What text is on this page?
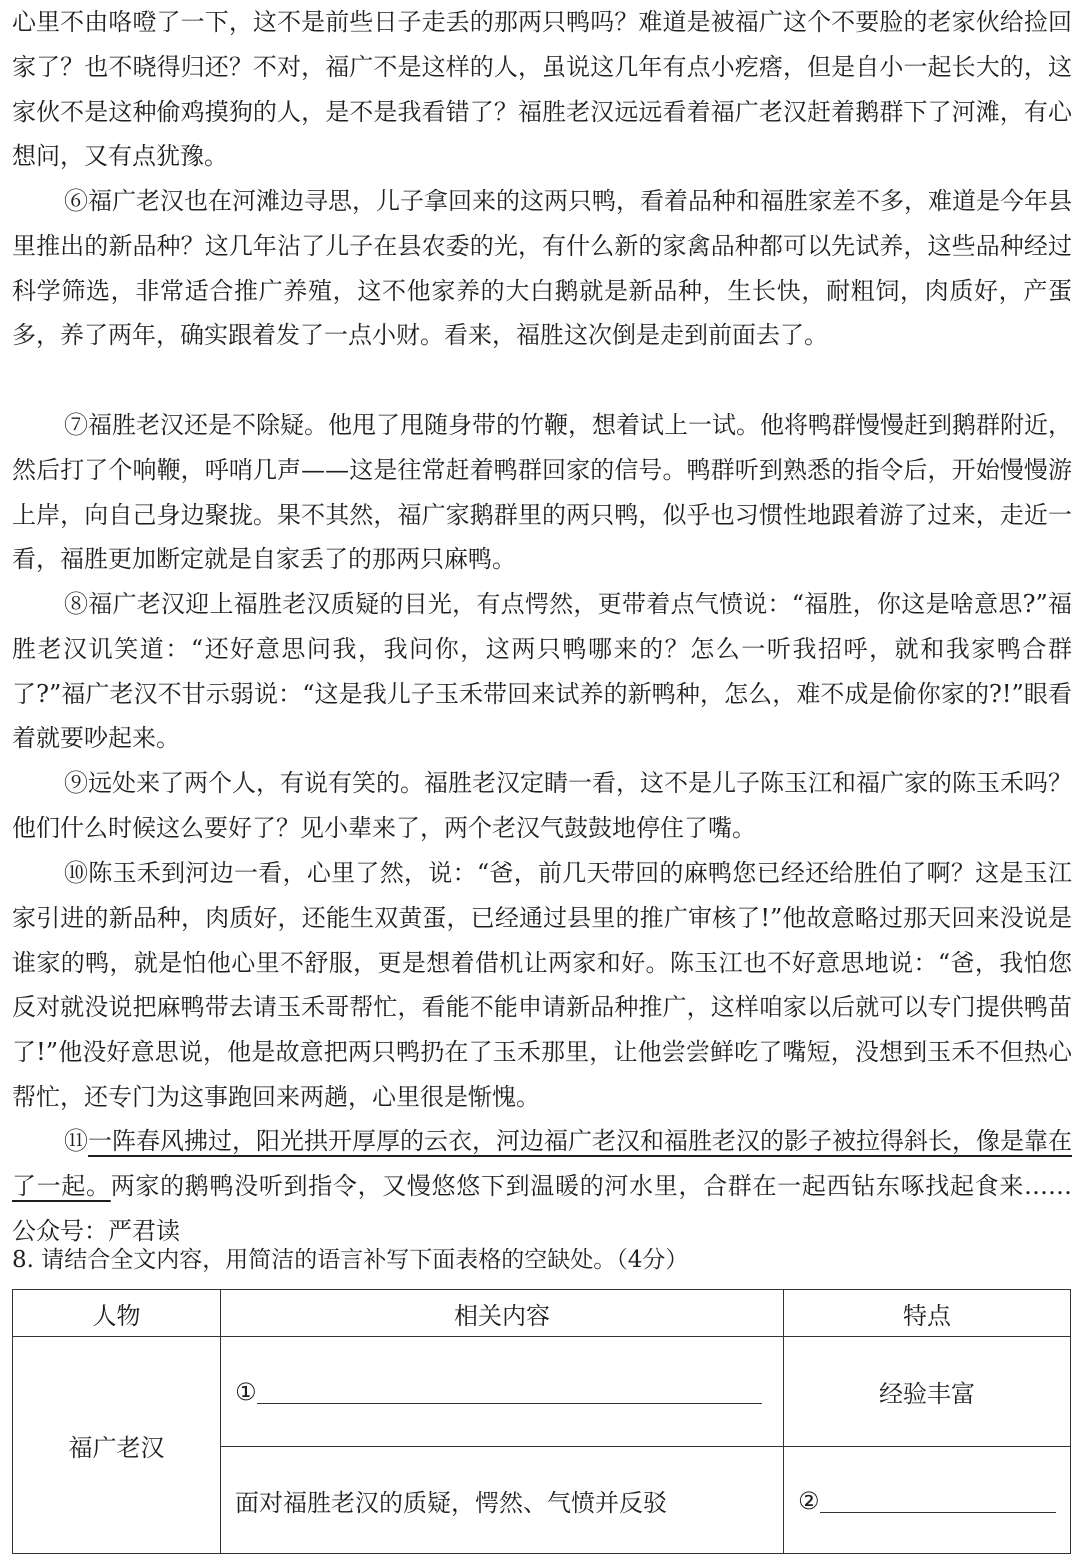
心里不由咯噔了一下，这不是前些日子走丢的那两只鸭吗？难道是被福广这个不要脸的老家伙给捡回家了？也不晓得归还？不对，福广不是这样的人，虽说这几年有点小疙瘩，但是自小一起长大的，这家伙不是这种偷鸡摸狗的人，是不是我看错了？福胜老汉远远看着福广老汉赶着鹅群下了河滩，有心想问，又有点犹豫。

⑥福广老汉也在河滩边寻思，儿子拿回来的这两只鸭，看着品种和福胜家差不多，难道是今年县里推出的新品种？这几年沾了儿子在县农委的光，有什么新的家禽品种都可以先试养，这些品种经过科学筛选，非常适合推广养殖，这不他家养的大白鹅就是新品种，生长快，耐粗饲，肉质好，产蛋多，养了两年，确实跟着发了一点小财。看来，福胜这次倒是走到前面去了。

⑦福胜老汉还是不除疑。他甩了甩随身带的竹鞭，想着试上一试。他将鸭群慢慢赶到鹅群附近，然后打了个响鞭，呼哨几声——这是往常赶着鸭群回家的信号。鸭群听到熟悉的指令后，开始慢慢游上岸，向自己身边聚拢。果不其然，福广家鹅群里的两只鸭，似乎也习惯性地跟着游了过来，走近一看，福胜更加断定就是自家丢了的那两只麻鸭。

⑧福广老汉迎上福胜老汉质疑的目光，有点愕然，更带着点气愤说：“福胜，你这是啥意思?”福胜老汉讥笑道：“还好意思问我，我问你，这两只鸭哪来的？怎么一听我招呼，就和我家鸭合群了?”福广老汉不甘示弱说：“这是我儿子玉禾带回来试养的新鸭种，怎么，难不成是偷你家的?!”眼看着就要吵起来。

⑨远处来了两个人，有说有笑的。福胜老汉定睛一看，这不是儿子陈玉江和福广家的陈玉禾吗？他们什么时候这么要好了？见小辈来了，两个老汉气鼓鼓地停住了嘴。

⑩陈玉禾到河边一看，心里了然，说：“爸，前几天带回的麻鸭您已经还给胜伯了啊？这是玉江家引进的新品种，肉质好，还能生双黄蛋，已经通过县里的推广审核了!”他故意略过那天回来没说是谁家的鸭，就是怕他心里不舒服，更是想着借机让两家和好。陈玉江也不好意思地说：“爸，我怕您反对就没说把麻鸭带去请玉禾哥帮忙，看能不能申请新品种推广，这样咱家以后就可以专门提供鸭苗了!”他没好意思说，他是故意把两只鸭扔在了玉禾那里，让他尝尝鲜吃了嘴短，没想到玉禾不但热心帮忙，还专门为这事跑回来两趟，心里很是惭愧。

⑪一阵春风拂过，阳光拱开厚厚的云衣，河边福广老汉和福胜老汉的影子被拉得斜长，像是靠在了一起。两家的鹅鸭没听到指令，又慢悠悠下到温暖的河水里，合群在一起西钻东啄找起食来…… 公众号：严君读

8. 请结合全文内容，用简洁的语言补写下面表格的空缺处。（4分）

人物	相关内容	特点
福广老汉	①	经验丰富
	面对福胜老汉的质疑，愕然、气愤并反驳	②
